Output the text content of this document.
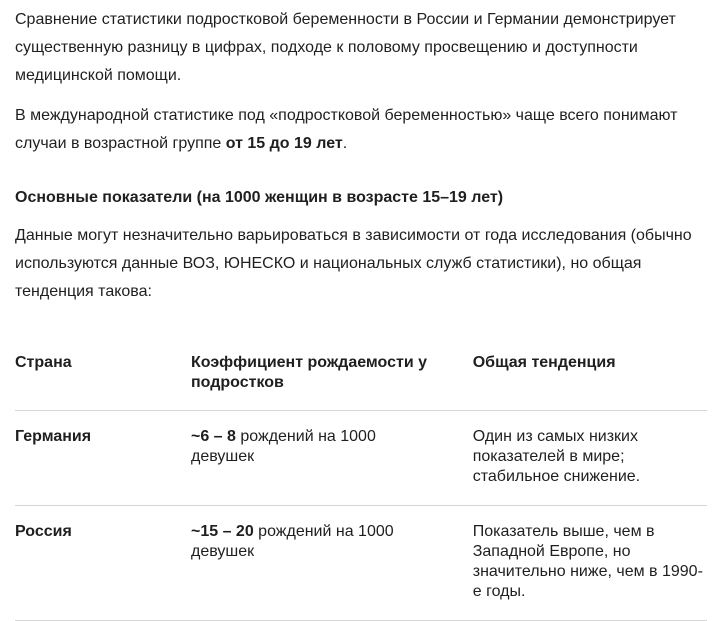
Сравнение статистики подростковой беременности в России и Германии демонстрирует существенную разницу в цифрах, подходе к половому просвещению и доступности медицинской помощи.

В международной статистике под «подростковой беременностью» чаще всего понимают случаи в возрастной группе от 15 до 19 лет.

Основные показатели (на 1000 женщин в возрасте 15–19 лет)

Данные могут незначительно варьироваться в зависимости от года исследования (обычно используются данные ВОЗ, ЮНЕСКО и национальных служб статистики), но общая тенденция такова:

Страна	Коэффициент рождаемости у подростков	Общая тенденция
Германия	~6 – 8 рождений на 1000 девушек	Один из самых низких показателей в мире; стабильное снижение.
Россия	~15 – 20 рождений на 1000 девушек	Показатель выше, чем в Западной Европе, но значительно ниже, чем в 1990-е годы.
